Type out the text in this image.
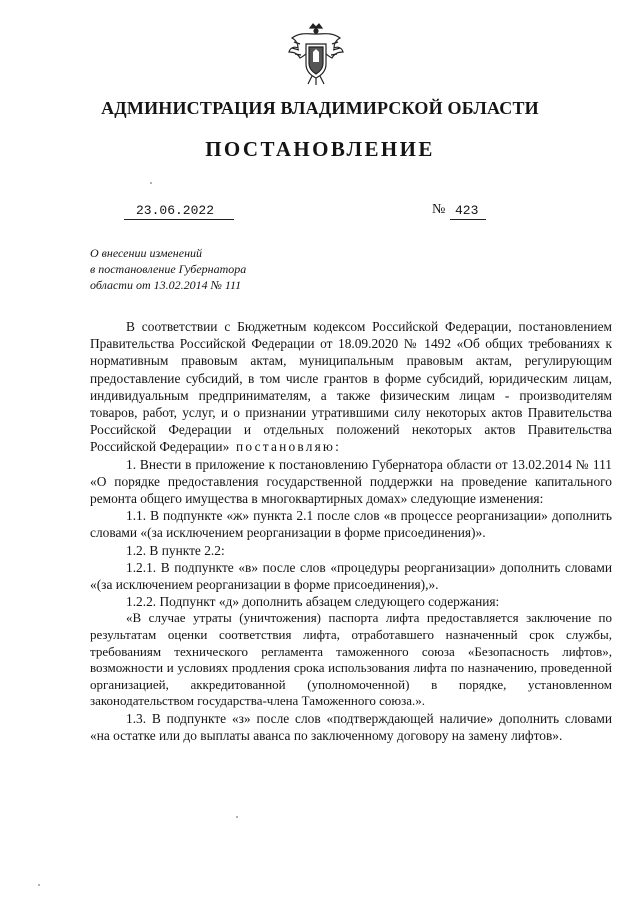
АДМИНИСТРАЦИЯ ВЛАДИМИРСКОЙ ОБЛАСТИ
ПОСТАНОВЛЕНИЕ
23.06.2022	№ 423
О внесении изменений
в постановление Губернатора
области от 13.02.2014 № 111

В соответствии с Бюджетным кодексом Российской Федерации, постановлением Правительства Российской Федерации от 18.09.2020 № 1492 «Об общих требованиях к нормативным правовым актам, муниципальным правовым актам, регулирующим предоставление субсидий, в том числе грантов в форме субсидий, юридическим лицам, индивидуальным предпринимателям, а также физическим лицам - производителям товаров, работ, услуг, и о признании утратившими силу некоторых актов Правительства Российской Федерации и отдельных положений некоторых актов Правительства Российской Федерации» постановляю:

1. Внести в приложение к постановлению Губернатора области от 13.02.2014 № 111 «О порядке предоставления государственной поддержки на проведение капитального ремонта общего имущества в многоквартирных домах» следующие изменения:

1.1. В подпункте «ж» пункта 2.1 после слов «в процессе реорганизации» дополнить словами «(за исключением реорганизации в форме присоединения)».

1.2. В пункте 2.2:

1.2.1. В подпункте «в» после слов «процедуры реорганизации» дополнить словами «(за исключением реорганизации в форме присоединения),».

1.2.2. Подпункт «д» дополнить абзацем следующего содержания:

«В случае утраты (уничтожения) паспорта лифта предоставляется заключение по результатам оценки соответствия лифта, отработавшего назначенный срок службы, требованиям технического регламента таможенного союза «Безопасность лифтов», возможности и условиях продления срока использования лифта по назначению, проведенной организацией, аккредитованной (уполномоченной) в порядке, установленном законодательством государства-члена Таможенного союза.».

1.3. В подпункте «з» после слов «подтверждающей наличие» дополнить словами «на остатке или до выплаты аванса по заключенному договору на замену лифтов».
